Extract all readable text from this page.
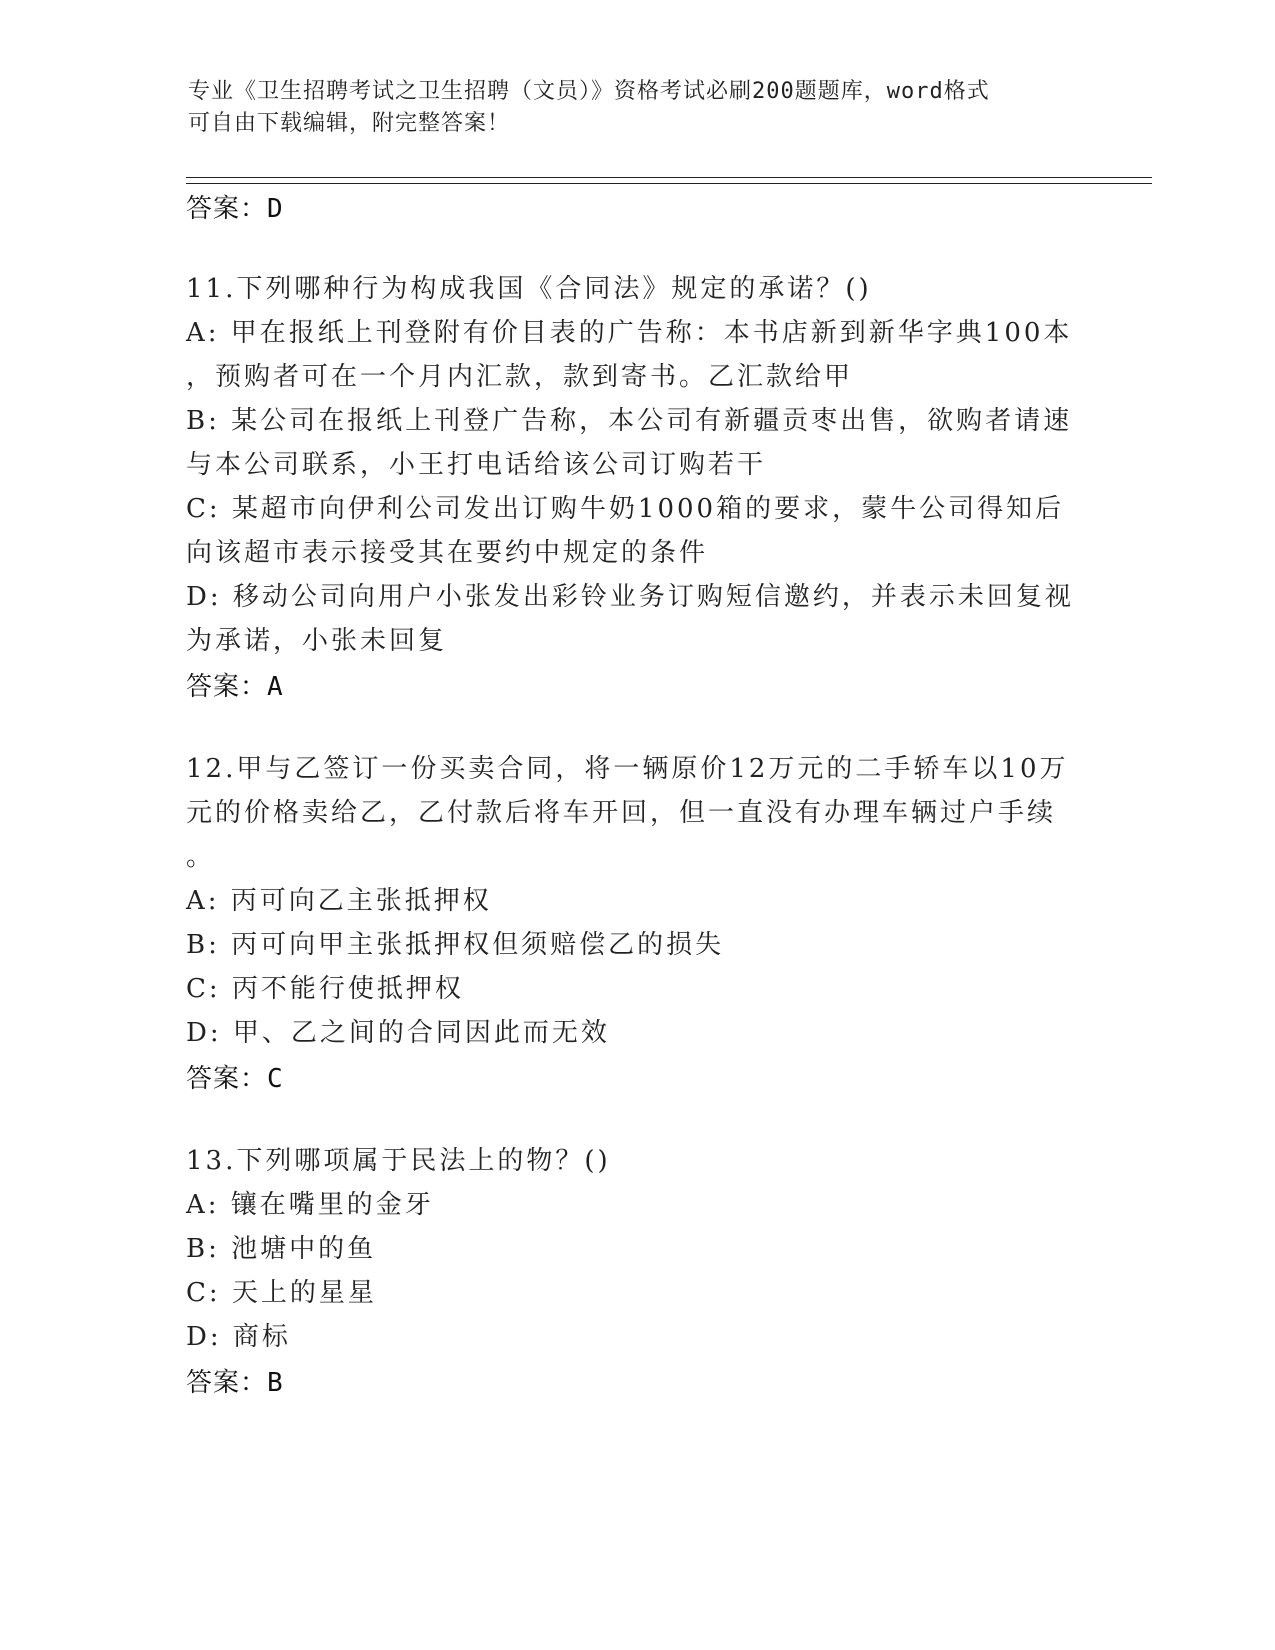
专业《卫生招聘考试之卫生招聘（文员）》资格考试必刷200题题库，word格式
可自由下载编辑，附完整答案！
答案：D
11.下列哪种行为构成我国《合同法》规定的承诺？()
A: 甲在报纸上刊登附有价目表的广告称：本书店新到新华字典100本
，预购者可在一个月内汇款，款到寄书。乙汇款给甲
B: 某公司在报纸上刊登广告称，本公司有新疆贡枣出售，欲购者请速
与本公司联系，小王打电话给该公司订购若干
C: 某超市向伊利公司发出订购牛奶1000箱的要求，蒙牛公司得知后
向该超市表示接受其在要约中规定的条件
D: 移动公司向用户小张发出彩铃业务订购短信邀约，并表示未回复视
为承诺，小张未回复
答案：A
12.甲与乙签订一份买卖合同，将一辆原价12万元的二手轿车以10万
元的价格卖给乙，乙付款后将车开回，但一直没有办理车辆过户手续
。
A: 丙可向乙主张抵押权
B: 丙可向甲主张抵押权但须赔偿乙的损失
C: 丙不能行使抵押权
D: 甲、乙之间的合同因此而无效
答案：C
13.下列哪项属于民法上的物？()
A: 镶在嘴里的金牙
B: 池塘中的鱼
C: 天上的星星
D: 商标
答案：B
